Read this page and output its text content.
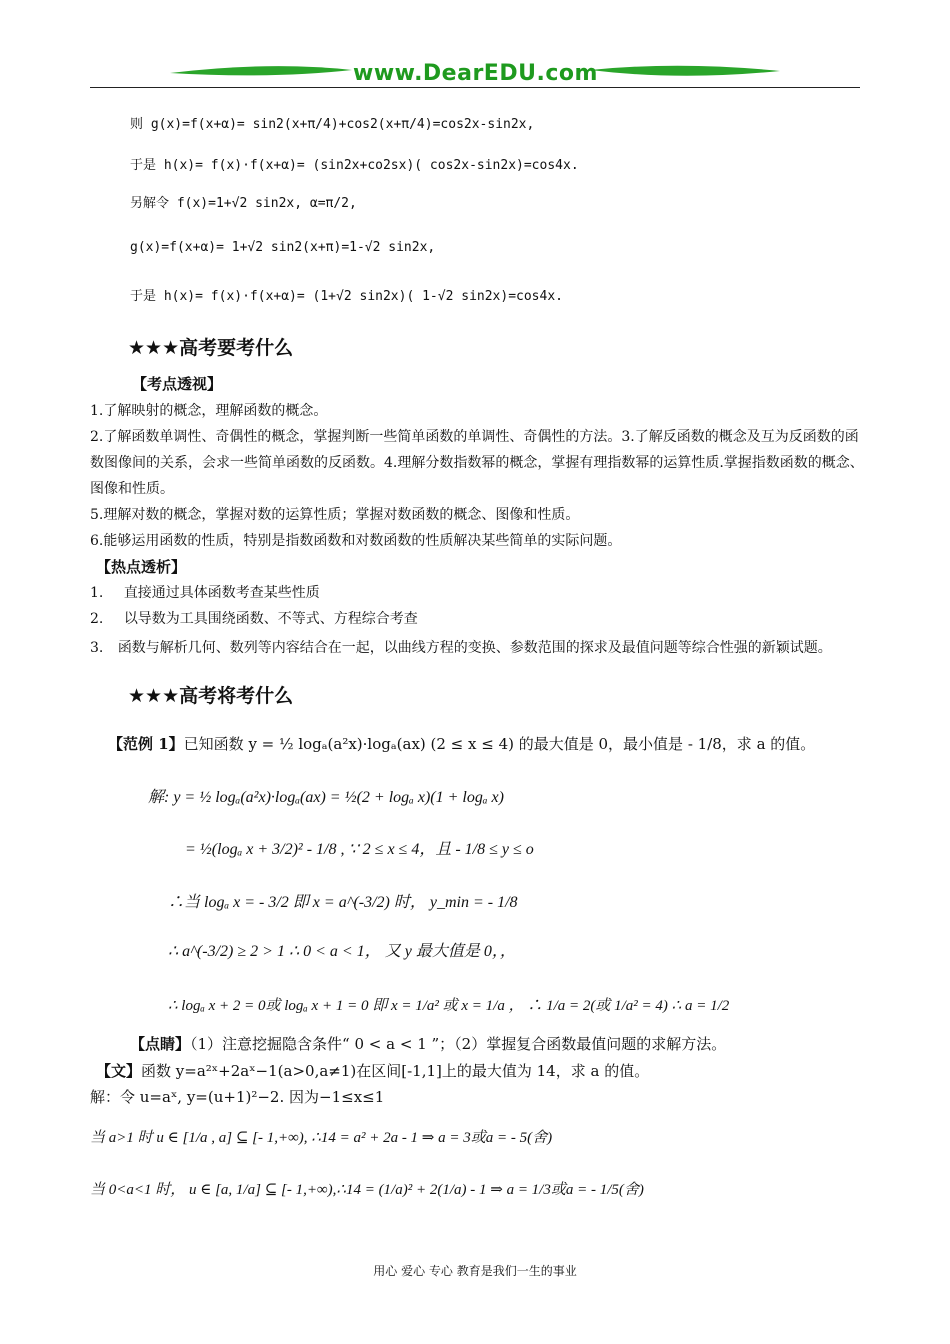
www.DearEDU.com
则 g(x)=f(x+α)= sin2(x+π/4)+cos2(x+π/4)=cos2x-sin2x,
于是 h(x)= f(x)·f(x+α)= (sin2x+co2sx)( cos2x-sin2x)=cos4x.
另解令 f(x)=1+√2 sin2x, α=π/2,
g(x)=f(x+α)= 1+√2 sin2(x+π)=1-√2 sin2x,
于是 h(x)= f(x)·f(x+α)= (1+√2 sin2x)( 1-√2 sin2x)=cos4x.
★★★高考要考什么
【考点透视】
1.了解映射的概念，理解函数的概念。
2.了解函数单调性、奇偶性的概念，掌握判断一些简单函数的单调性、奇偶性的方法。3.了解反函数的概念及互为反函数的函数图像间的关系，会求一些简单函数的反函数。4.理解分数指数幂的概念，掌握有理指数幂的运算性质.掌握指数函数的概念、图像和性质。
5.理解对数的概念，掌握对数的运算性质；掌握对数函数的概念、图像和性质。
6.能够运用函数的性质，特别是指数函数和对数函数的性质解决某些简单的实际问题。
【热点透析】
1. 直接通过具体函数考查某些性质
2. 以导数为工具围绕函数、不等式、方程综合考查
3. 函数与解析几何、数列等内容结合在一起，以曲线方程的变换、参数范围的探求及最值问题等综合性强的新颖试题。
★★★高考将考什么
【范例 1】已知函数 y = ½ logₐ(a²x)·logₐ(ax) (2 ≤ x ≤ 4) 的最大值是 0，最小值是 - 1/8，求 a 的值。
解: y = ½ logₐ(a²x)·logₐ(ax) = ½(2 + logₐ x)(1 + logₐ x)
= ½(logₐ x + 3/2)² - 1/8 , ∵ 2 ≤ x ≤ 4，且 - 1/8 ≤ y ≤ o
∴当 logₐ x = - 3/2 即 x = a^(-3/2) 时， y_min = - 1/8
∴ a^(-3/2) ≥ 2 > 1 ∴ 0 < a < 1， 又 y 最大值是 0，，
∴ logₐ x + 2 = 0或 logₐ x + 1 = 0 即 x = 1/a² 或 x = 1/a ， ∴ 1/a = 2(或 1/a² = 4) ∴ a = 1/2
【点睛】（1）注意挖掘隐含条件“ 0 < a < 1 ”；（2）掌握复合函数最值问题的求解方法。
【文】函数 y=a²ˣ+2aˣ−1(a>0,a≠1)在区间[-1,1]上的最大值为 14，求 a 的值。
解：令 u=aˣ, y=(u+1)²−2. 因为−1≤x≤1
当 a>1 时 u ∈ [1/a , a] ⊆ [- 1,+∞), ∴14 = a² + 2a - 1 ⇒ a = 3或a = - 5(舍)
当 0<a<1 时， u ∈ [a, 1/a] ⊆ [- 1,+∞),∴14 = (1/a)² + 2(1/a) - 1 ⇒ a = 1/3或a = - 1/5(舍)
用心 爱心 专心 教育是我们一生的事业
